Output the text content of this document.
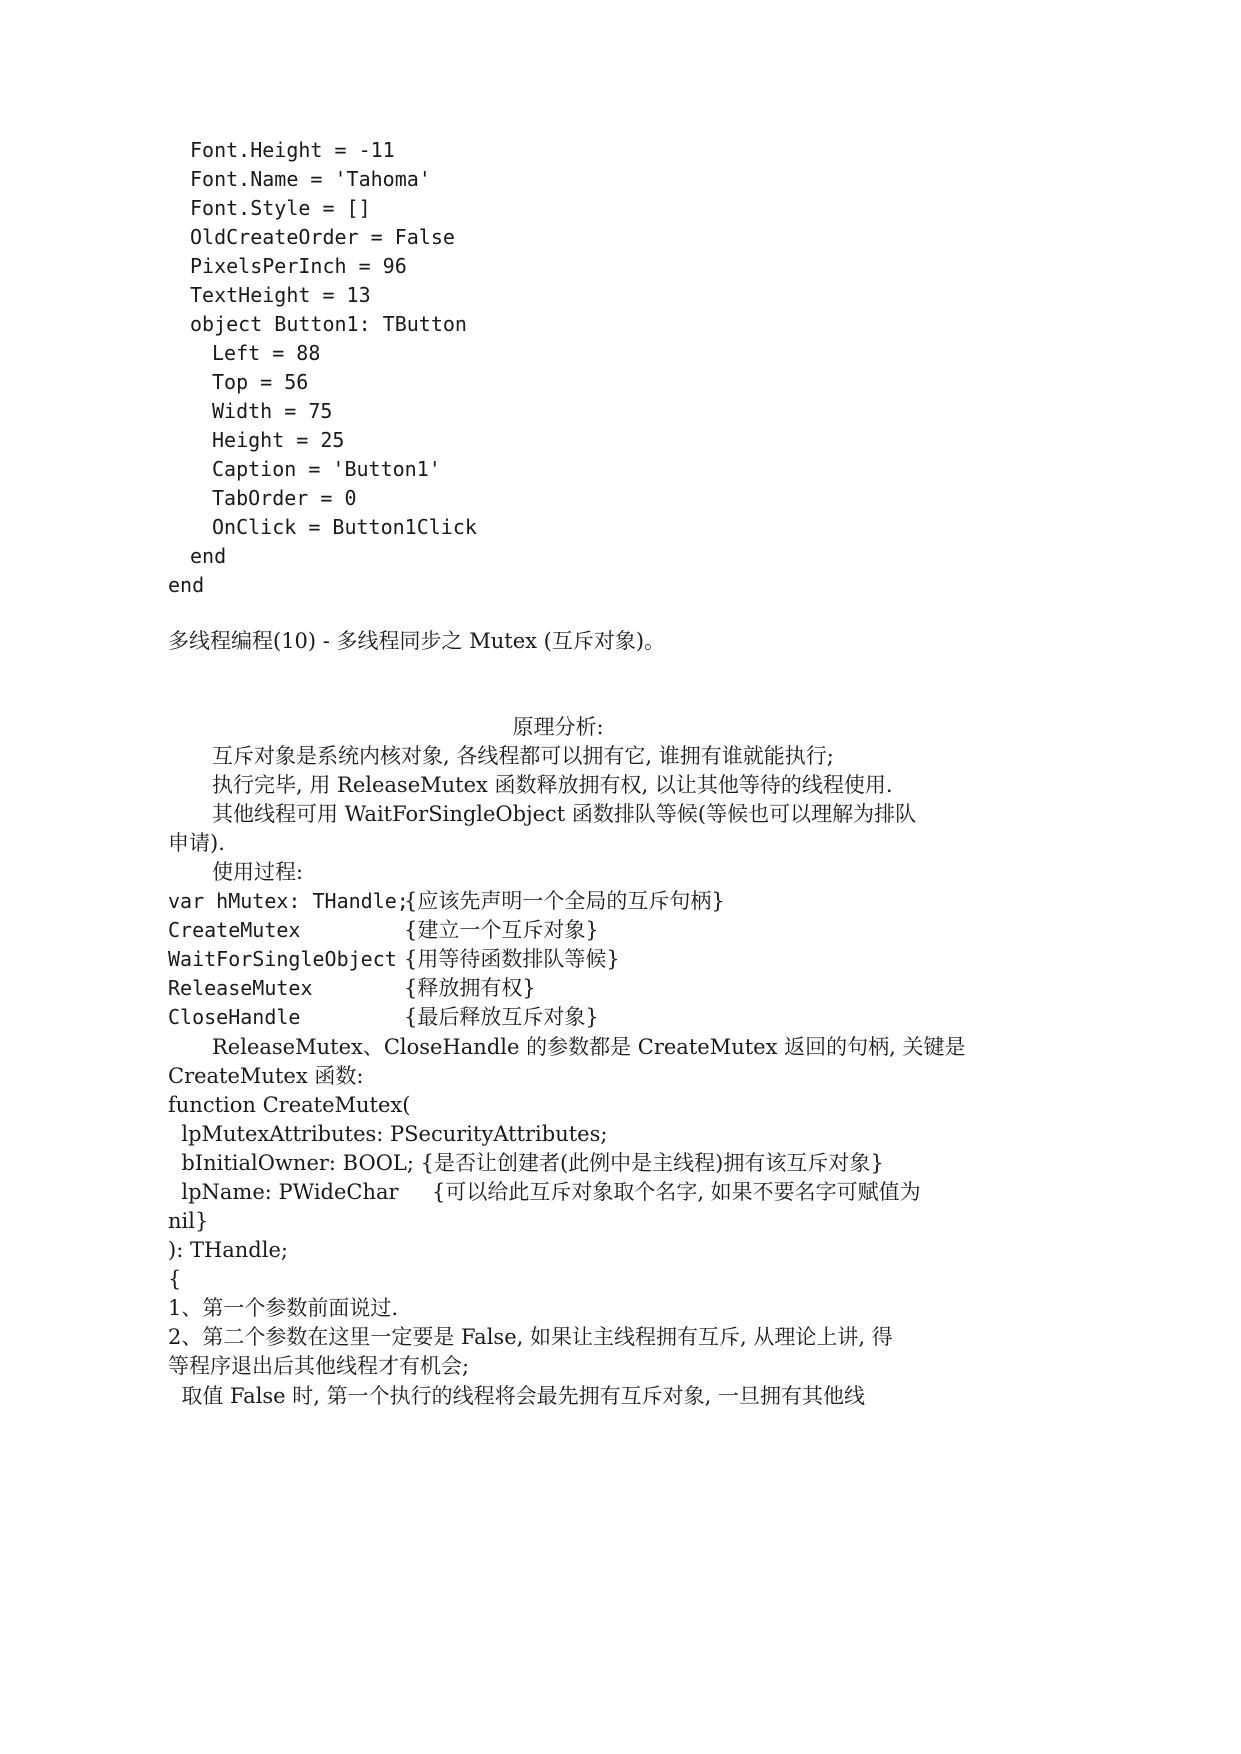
Font.Height = -11
Font.Name = 'Tahoma'
Font.Style = []
OldCreateOrder = False
PixelsPerInch = 96
TextHeight = 13
object Button1: TButton
Left = 88
Top = 56
Width = 75
Height = 25
Caption = 'Button1'
TabOrder = 0
OnClick = Button1Click
end
end
多线程编程(10) - 多线程同步之 Mutex (互斥对象)。
原理分析:
互斥对象是系统内核对象, 各线程都可以拥有它, 谁拥有谁就能执行;
执行完毕, 用 ReleaseMutex 函数释放拥有权, 以让其他等待的线程使用.
其他线程可用 WaitForSingleObject 函数排队等候(等候也可以理解为排队
申请).
使用过程:
var hMutex: THandle;
{应该先声明一个全局的互斥句柄}
CreateMutex	{建立一个互斥对象}
WaitForSingleObject {用等待函数排队等候}
ReleaseMutex	{释放拥有权}
CloseHandle	{最后释放互斥对象}
ReleaseMutex、CloseHandle 的参数都是 CreateMutex 返回的句柄, 关键是
CreateMutex 函数:
function CreateMutex(
lpMutexAttributes: PSecurityAttributes;
bInitialOwner: BOOL; {是否让创建者(此例中是主线程)拥有该互斥对象}
lpName: PWideChar     {可以给此互斥对象取个名字, 如果不要名字可赋值为
nil}
): THandle;
{
1、第一个参数前面说过.
2、第二个参数在这里一定要是 False, 如果让主线程拥有互斥, 从理论上讲, 得
等程序退出后其他线程才有机会;
取值 False 时, 第一个执行的线程将会最先拥有互斥对象, 一旦拥有其他线
